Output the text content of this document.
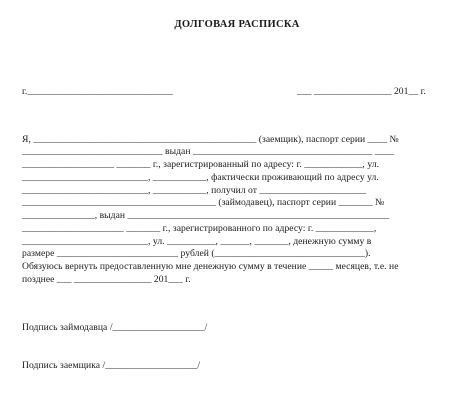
ДОЛГОВАЯ РАСПИСКА
г.______________________________	___ ________________ 201__ г.
Я, ______________________________________________ (заемщик), паспорт серии ____ №
_____________________________ выдан _____________________________________ ____
___________________ _______ г., зарегистрированный по адресу: г. ____________, ул.
__________________________, ___________, фактически проживающий по адресу ул.
__________________________, ___________, получил от ______________________
________________________________________ (займодавец), паспорт серии _______ №
_______________, выдан ______________________________________________________
_____________________ _______ г., зарегистрированного по адресу: г. ____________,
__________________________, ул. __________, ______, _______, денежную сумму в
размере _________________________ рублей (_______________________________).
Обязуюсь вернуть предоставленную мне денежную сумму в течение _____ месяцев, т.е. не
позднее ___ ________________ 201___ г.
Подпись займодавца /___________________/
Подпись заемщика /___________________/
